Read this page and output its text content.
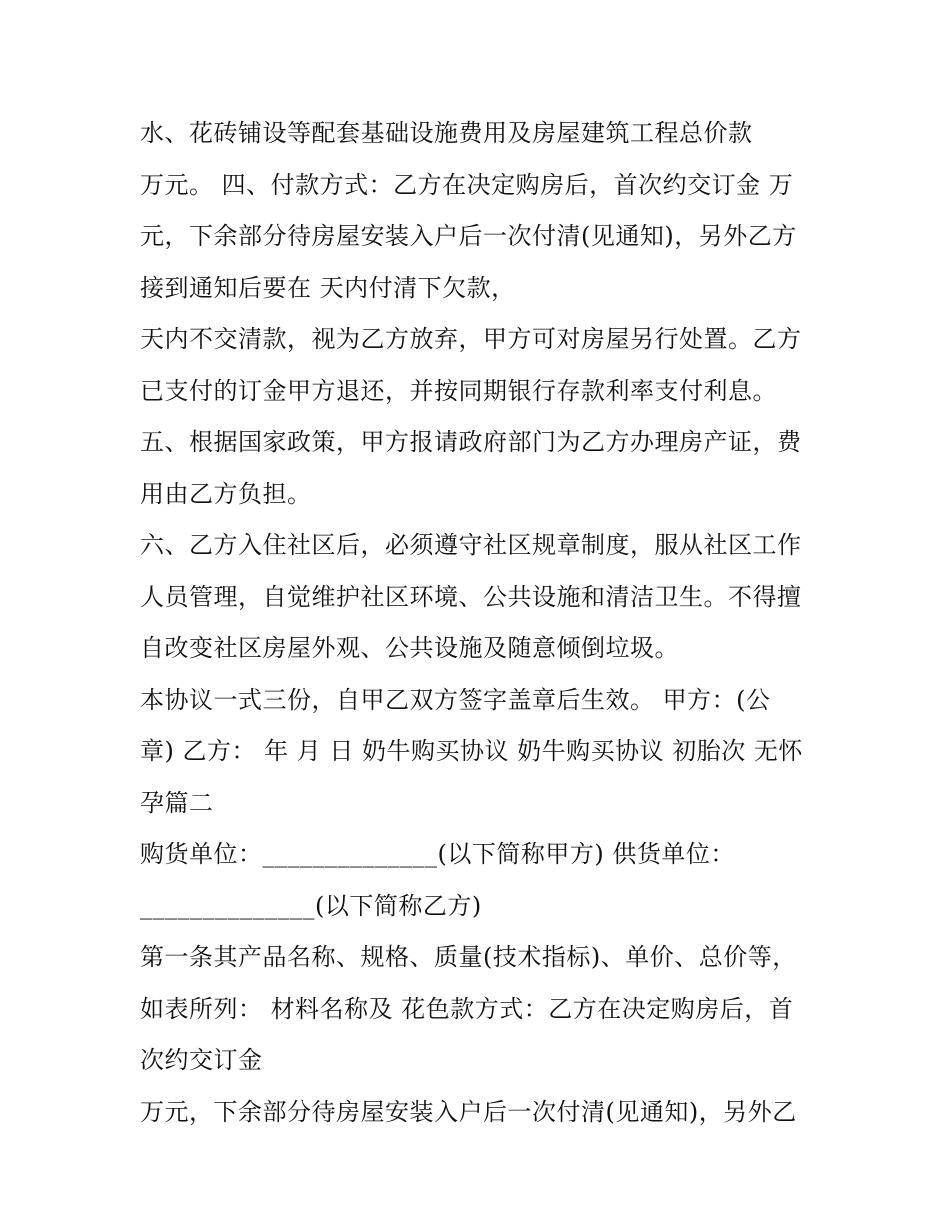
水、花砖铺设等配套基础设施费用及房屋建筑工程总价款
万元。 四、付款方式：乙方在决定购房后，首次约交订金 万
元，下余部分待房屋安装入户后一次付清(见通知)，另外乙方
接到通知后要在 天内付清下欠款，
天内不交清款，视为乙方放弃，甲方可对房屋另行处置。乙方
已支付的订金甲方退还，并按同期银行存款利率支付利息。
五、根据国家政策，甲方报请政府部门为乙方办理房产证，费
用由乙方负担。
六、乙方入住社区后，必须遵守社区规章制度，服从社区工作
人员管理，自觉维护社区环境、公共设施和清洁卫生。不得擅
自改变社区房屋外观、公共设施及随意倾倒垃圾。
本协议一式三份，自甲乙双方签字盖章后生效。 甲方：(公
章) 乙方： 年 月 日 奶牛购买协议 奶牛购买协议 初胎次 无怀
孕篇二
购货单位：______________(以下简称甲方) 供货单位：
______________(以下简称乙方)
第一条其产品名称、规格、质量(技术指标)、单价、总价等，
如表所列： 材料名称及 花色款方式：乙方在决定购房后，首
次约交订金
万元，下余部分待房屋安装入户后一次付清(见通知)，另外乙
